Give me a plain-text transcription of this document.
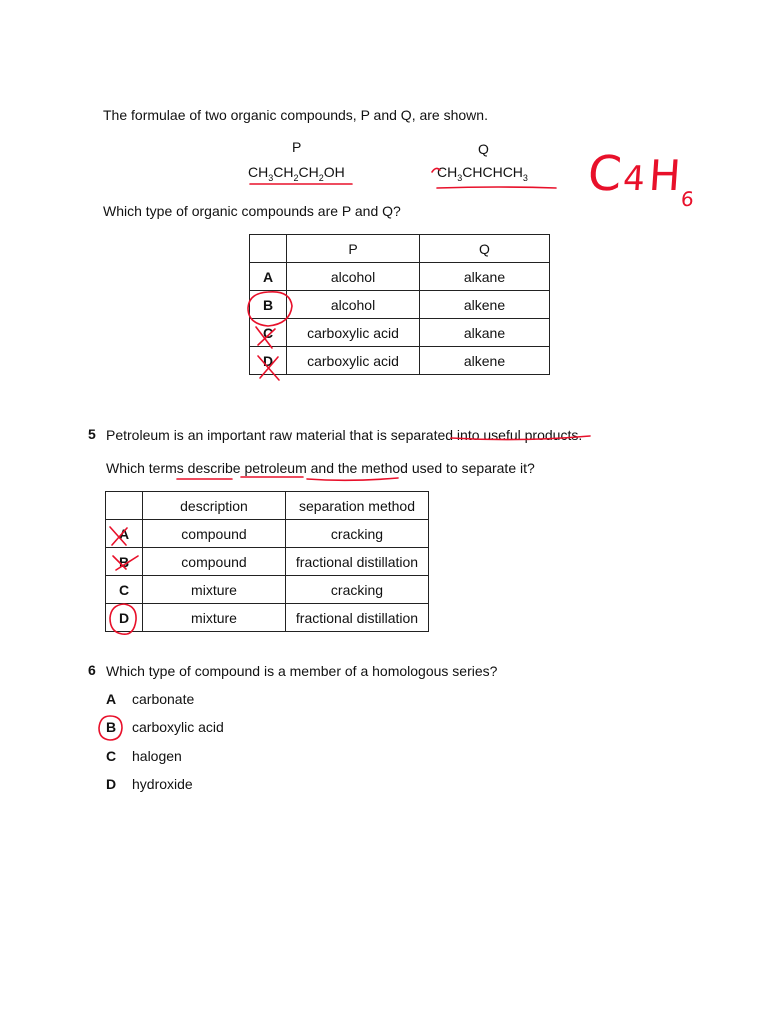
The formulae of two organic compounds, P and Q, are shown.
P	Q
$CH_3CH_2CH_2OH$	$CH_3CHCHCH_3$
Which type of organic compounds are P and Q?
	P	Q
A	alcohol	alkane
B	alcohol	alkene
C	carboxylic acid	alkane
D	carboxylic acid	alkene
5 Petroleum is an important raw material that is separated into useful products.
Which terms describe petroleum and the method used to separate it?
	description	separation method
A	compound	cracking
B	compound	fractional distillation
C	mixture	cracking
D	mixture	fractional distillation
6 Which type of compound is a member of a homologous series?
A carbonate
B carboxylic acid
C halogen
D hydroxide
C4H6
